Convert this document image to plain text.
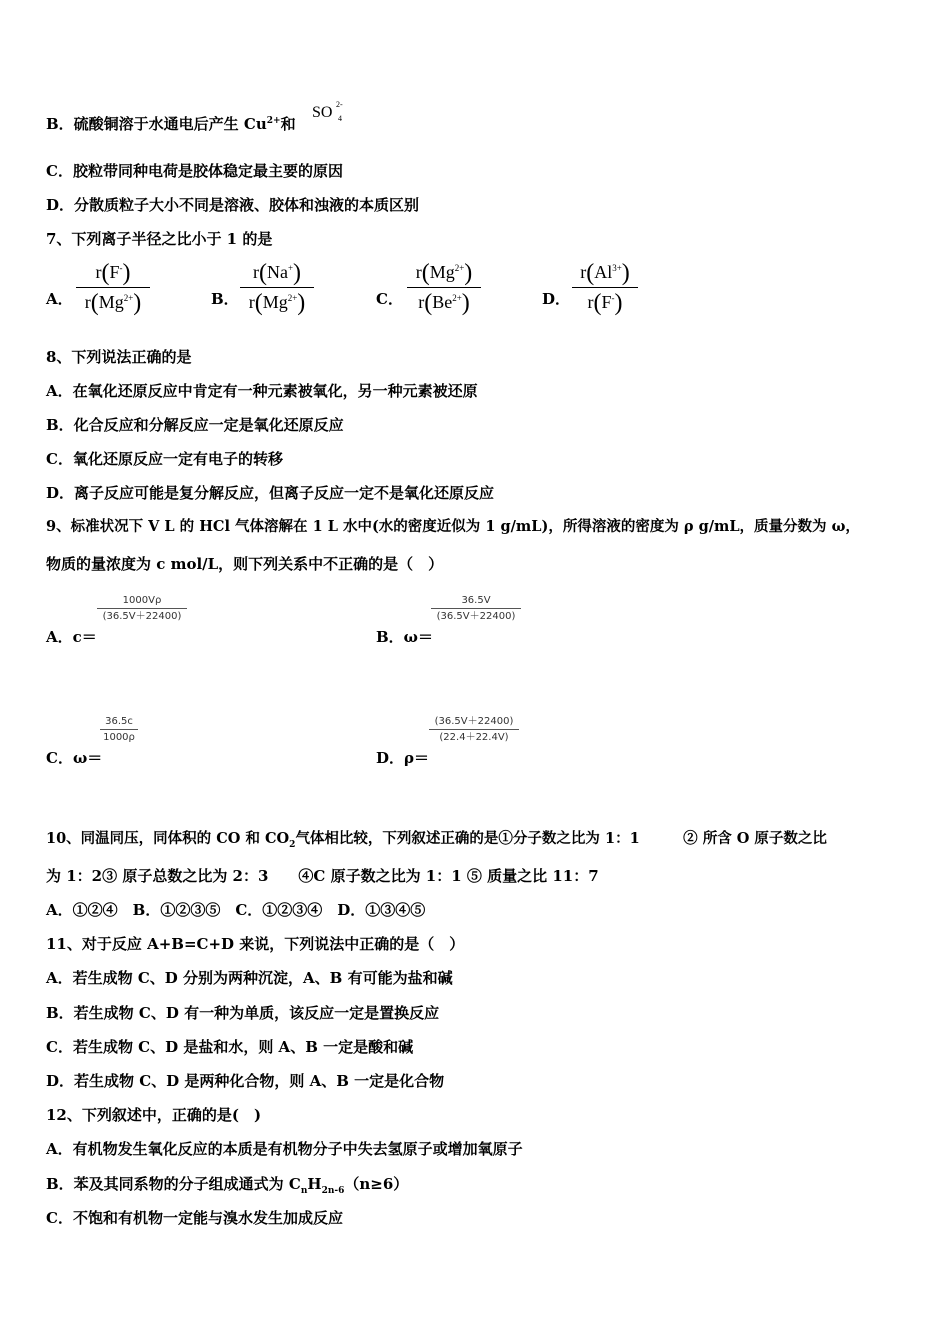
B．硫酸铜溶于水通电后产生 $Cu^{2+}$和
SO 2-
4
C．胶粒带同种电荷是胶体稳定最主要的原因
D．分散质粒子大小不同是溶液、胶体和浊液的本质区别
7、下列离子半径之比小于 1 的是
A．
r(F-)
$r(Mg^{2+})$	B．
r(Na+)
$r(Mg^{2+})$	C．
$r(Mg^{2+})$
$r(Be^{2+})$	D．
$r(Al^{3+})$
r(F-)
8、下列说法正确的是
A．在氧化还原反应中肯定有一种元素被氧化，另一种元素被还原
B．化合反应和分解反应一定是氧化还原反应
C．氧化还原反应一定有电子的转移
D．离子反应可能是复分解反应，但离子反应一定不是氧化还原反应
9、标准状况下 V L 的 HCl 气体溶解在 1 L 水中(水的密度近似为 1 g/mL)，所得溶液的密度为 ρ g/mL，质量分数为 ω，
物质的量浓度为 c mol/L，则下列关系中不正确的是（　）
A．c＝
1000Vρ
(36.5V＋22400)
B．ω＝
36.5V
(36.5V＋22400)
C．ω＝
36.5c
1000ρ
D．ρ＝
(36.5V＋22400)
(22.4＋22.4V)
10、同温同压，同体积的 CO 和 $CO_2$气体相比较，下列叙述正确的是①分子数之比为 1：1　　　② 所含 O 原子数之比
为 1：2③ 原子总数之比为 2：3　　④C 原子数之比为 1：1 ⑤ 质量之比 11：7
A．①②④　B．①②③⑤　C．①②③④　D．①③④⑤
11、对于反应 A+B=C+D 来说，下列说法中正确的是（　）
A．若生成物 C、D 分别为两种沉淀，A、B 有可能为盐和碱
B．若生成物 C、D 有一种为单质，该反应一定是置换反应
C．若生成物 C、D 是盐和水，则 A、B 一定是酸和碱
D．若生成物 C、D 是两种化合物，则 A、B 一定是化合物
12、下列叙述中，正确的是(　)
A．有机物发生氧化反应的本质是有机物分子中失去氢原子或增加氧原子
B．苯及其同系物的分子组成通式为 $C_nH_{2n-6}(n\ge 6)$
C．不饱和有机物一定能与溴水发生加成反应
